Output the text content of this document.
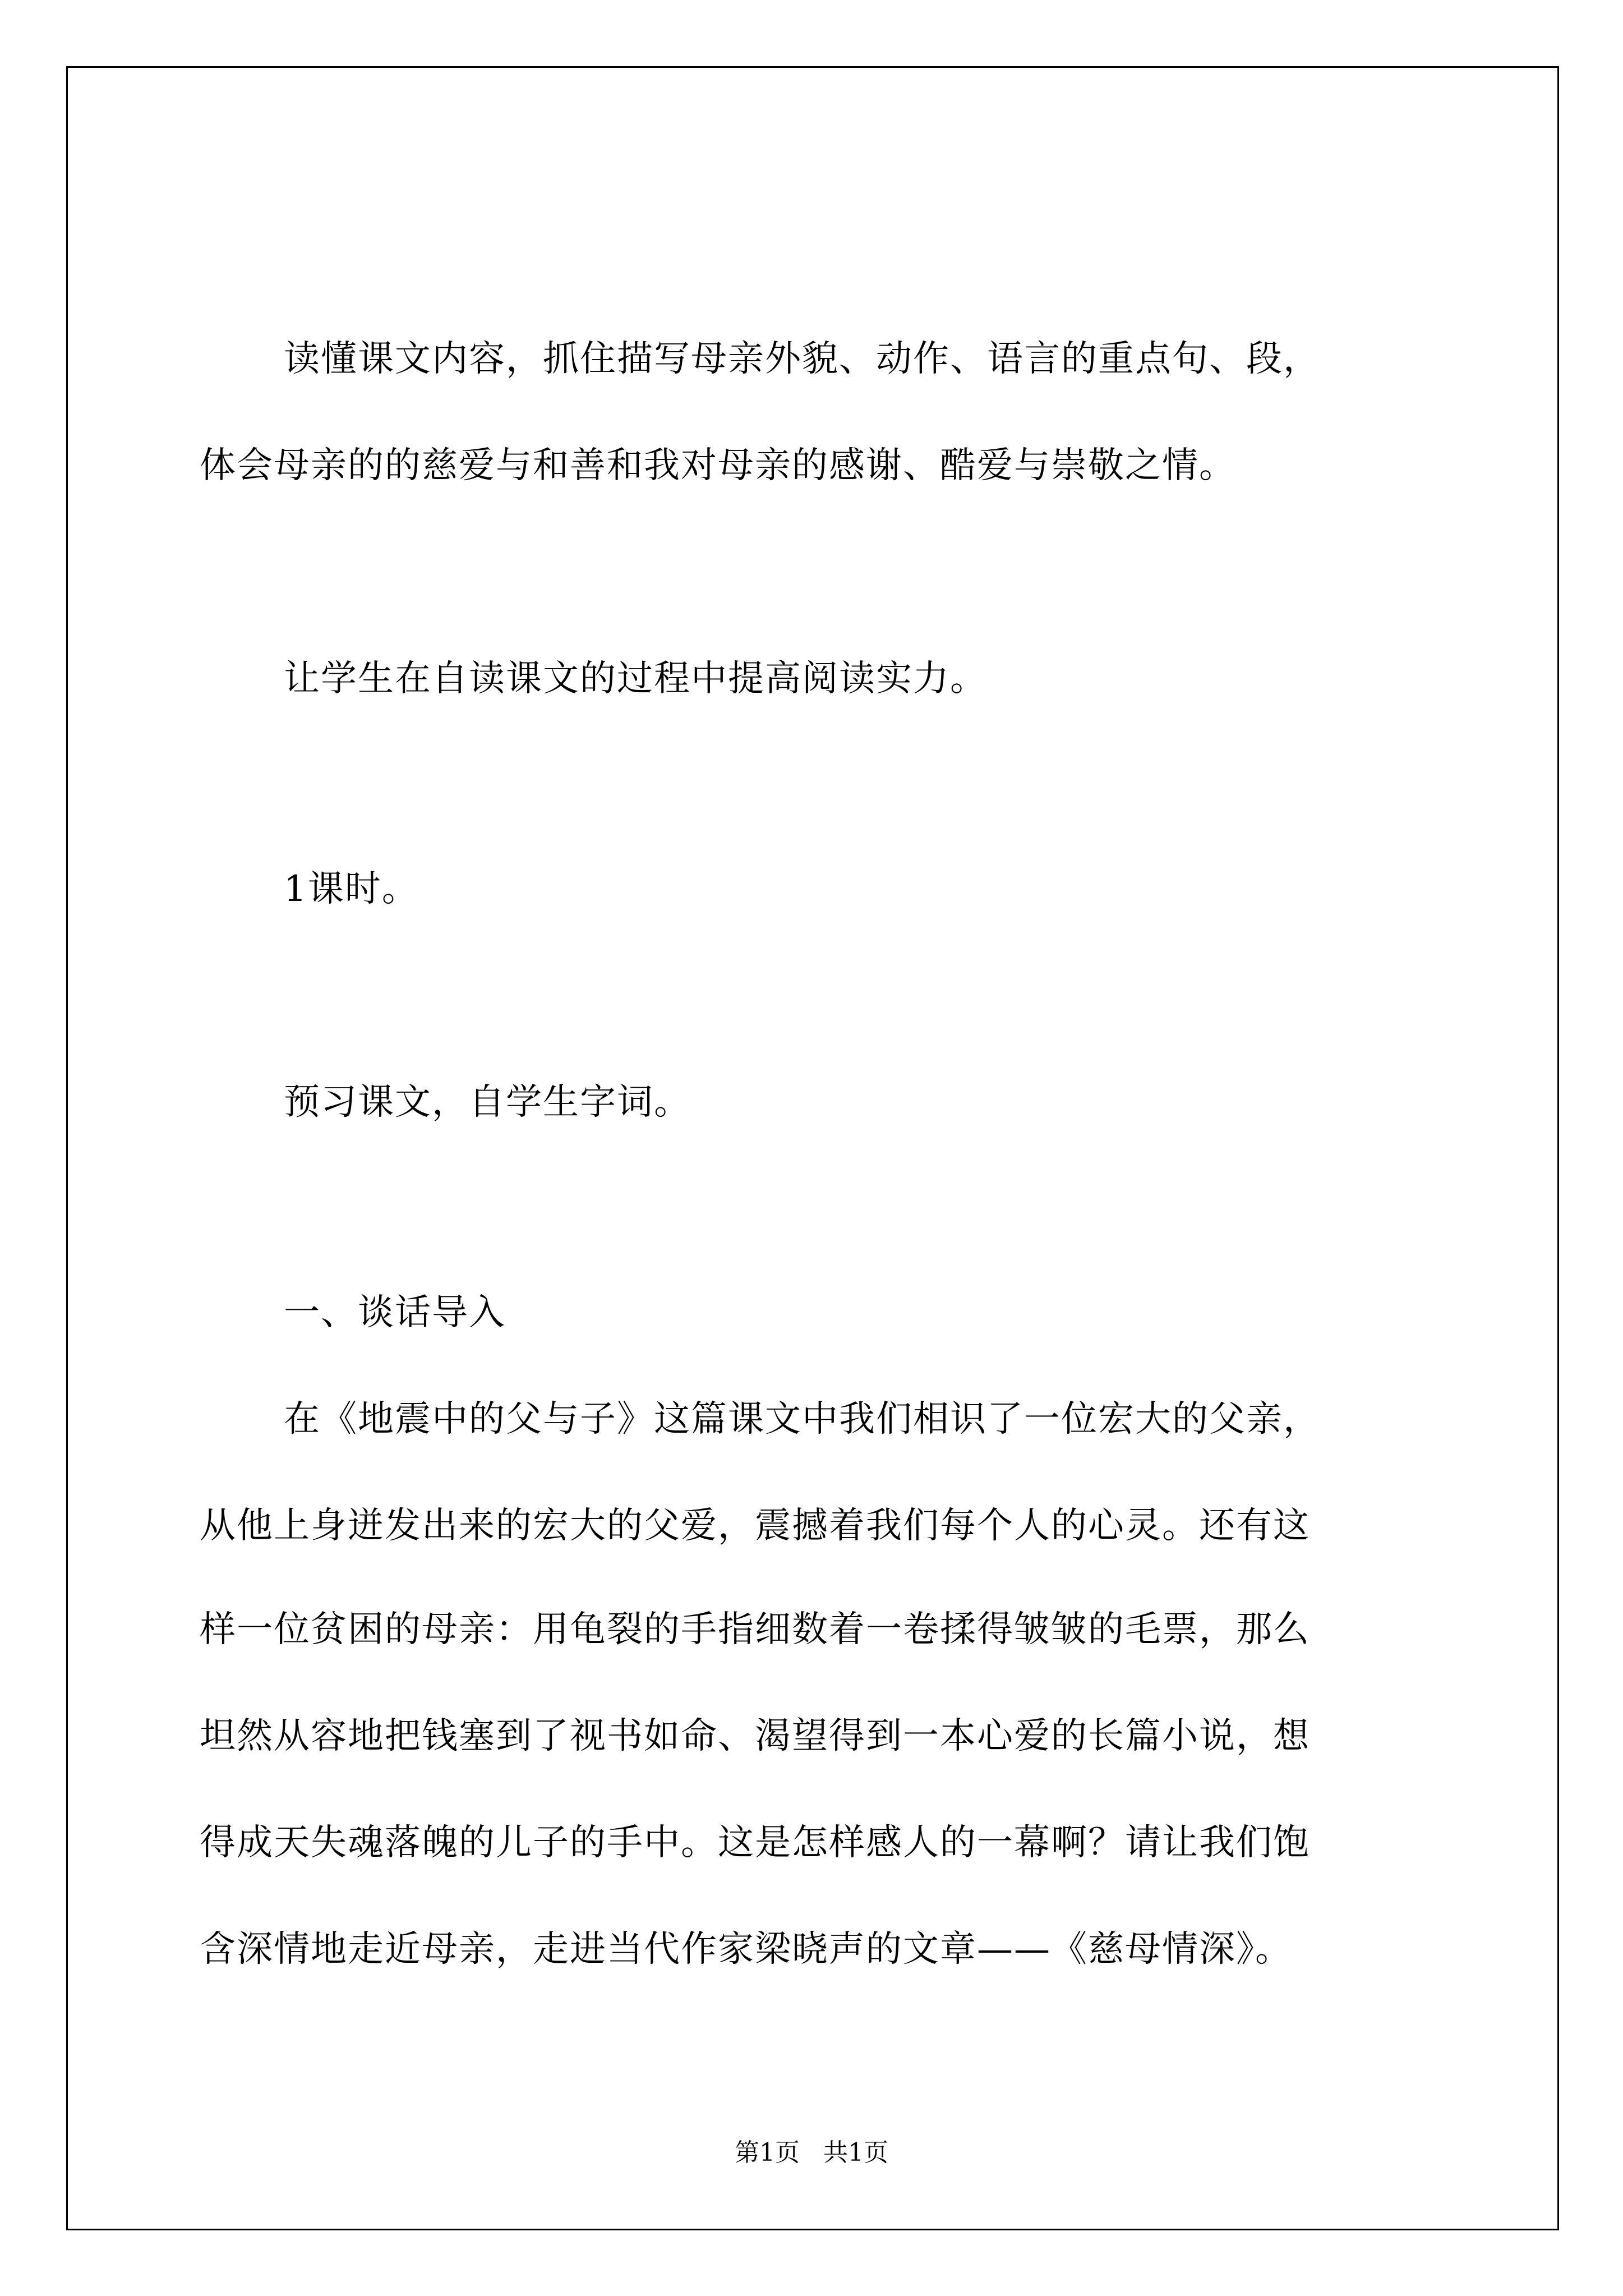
读懂课文内容，抓住描写母亲外貌、动作、语言的重点句、段，
体会母亲的的慈爱与和善和我对母亲的感谢、酷爱与崇敬之情。
让学生在自读课文的过程中提高阅读实力。
1课时。
预习课文，自学生字词。
一、谈话导入
在《地震中的父与子》这篇课文中我们相识了一位宏大的父亲，
从他上身迸发出来的宏大的父爱，震撼着我们每个人的心灵。还有这
样一位贫困的母亲：用龟裂的手指细数着一卷揉得皱皱的毛票，那么
坦然从容地把钱塞到了视书如命、渴望得到一本心爱的长篇小说，想
得成天失魂落魄的儿子的手中。这是怎样感人的一幕啊？请让我们饱
含深情地走近母亲，走进当代作家梁晓声的文章——《慈母情深》。
第1页   共1页
